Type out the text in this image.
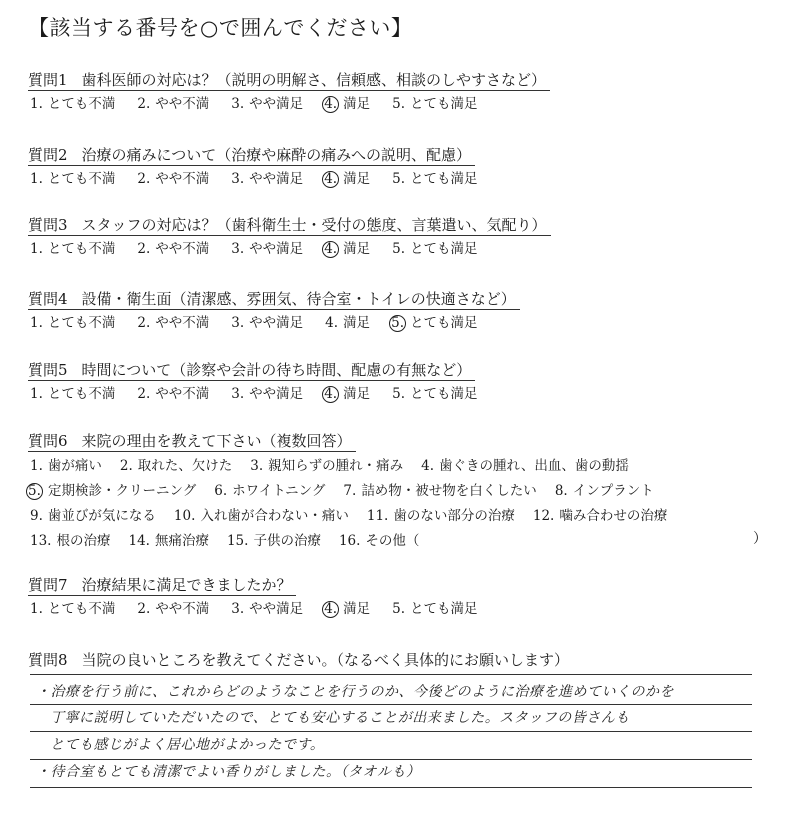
【該当する番号を○で囲んでください】
質問1 歯科医師の対応は？（説明の明解さ、信頼感、相談のしやすさなど）
1. とても不満 2. やや不満 3. やや満足 4. 満足 5. とても満足
質問2 治療の痛みについて（治療や麻酔の痛みへの説明、配慮）
1. とても不満 2. やや不満 3. やや満足 4. 満足 5. とても満足
質問3 スタッフの対応は？（歯科衛生士・受付の態度、言葉遣い、気配り）
1. とても不満 2. やや不満 3. やや満足 4. 満足 5. とても満足
質問4 設備・衛生面（清潔感、雰囲気、待合室・トイレの快適さなど）
1. とても不満 2. やや不満 3. やや満足 4. 満足 5. とても満足
質問5 時間について（診察や会計の待ち時間、配慮の有無など）
1. とても不満 2. やや不満 3. やや満足 4. 満足 5. とても満足
質問6 来院の理由を教えて下さい（複数回答）
1. 歯が痛い 2. 取れた、欠けた 3. 親知らずの腫れ・痛み 4. 歯ぐきの腫れ、出血、歯の動揺
5. 定期検診・クリーニング 6. ホワイトニング 7. 詰め物・被せ物を白くしたい 8. インプラント
9. 歯並びが気になる 10. 入れ歯が合わない・痛い 11. 歯のない部分の治療 12. 噛み合わせの治療
13. 根の治療 14. 無痛治療 15. 子供の治療 16. その他（	）
質問7 治療結果に満足できましたか？
1. とても不満 2. やや不満 3. やや満足 4. 満足 5. とても満足
質問8 当院の良いところを教えてください。（なるべく具体的にお願いします）
・治療を行う前に、これからどのようなことを行うのか、今後どのように治療を進めていくのかを
丁寧に説明していただいたので、とても安心することが出来ました。スタッフの皆さんも
とても感じがよく居心地がよかったです。
・待合室もとても清潔でよい香りがしました。（タオルも）
